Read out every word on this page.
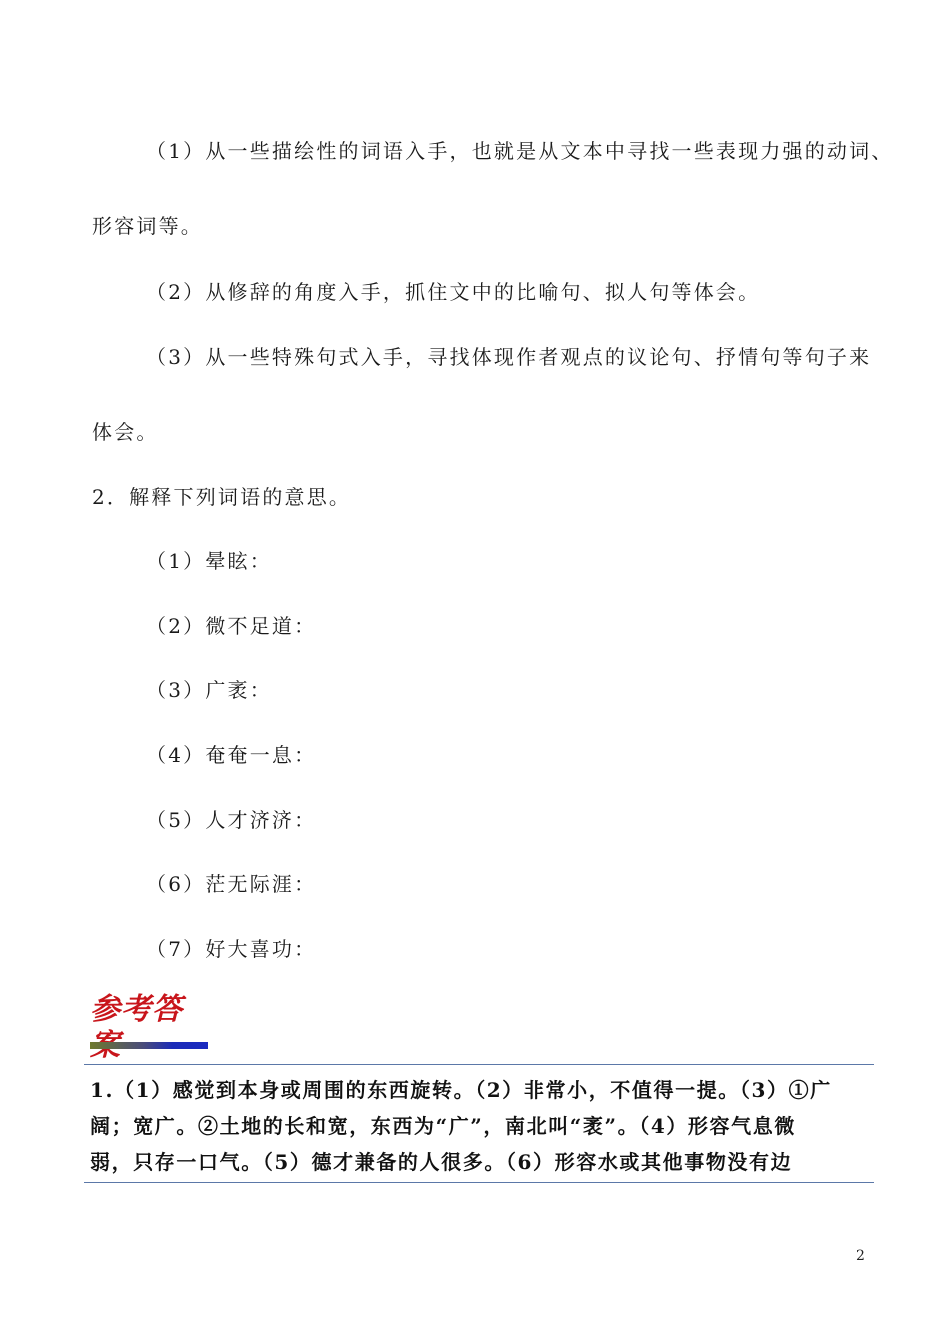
（1）从一些描绘性的词语入手，也就是从文本中寻找一些表现力强的动词、
形容词等。
（2）从修辞的角度入手，抓住文中的比喻句、拟人句等体会。
（3）从一些特殊句式入手，寻找体现作者观点的议论句、抒情句等句子来
体会。
2．解释下列词语的意思。
（1）晕眩：
（2）微不足道：
（3）广袤：
（4）奄奄一息：
（5）人才济济：
（6）茫无际涯：
（7）好大喜功：
参考答
1.（1）感觉到本身或周围的东西旋转。（2）非常小，不值得一提。（3）①广
阔；宽广。②土地的长和宽，东西为“广”，南北叫“袤”。（4）形容气息微
弱，只存一口气。（5）德才兼备的人很多。（6）形容水或其他事物没有边
2
